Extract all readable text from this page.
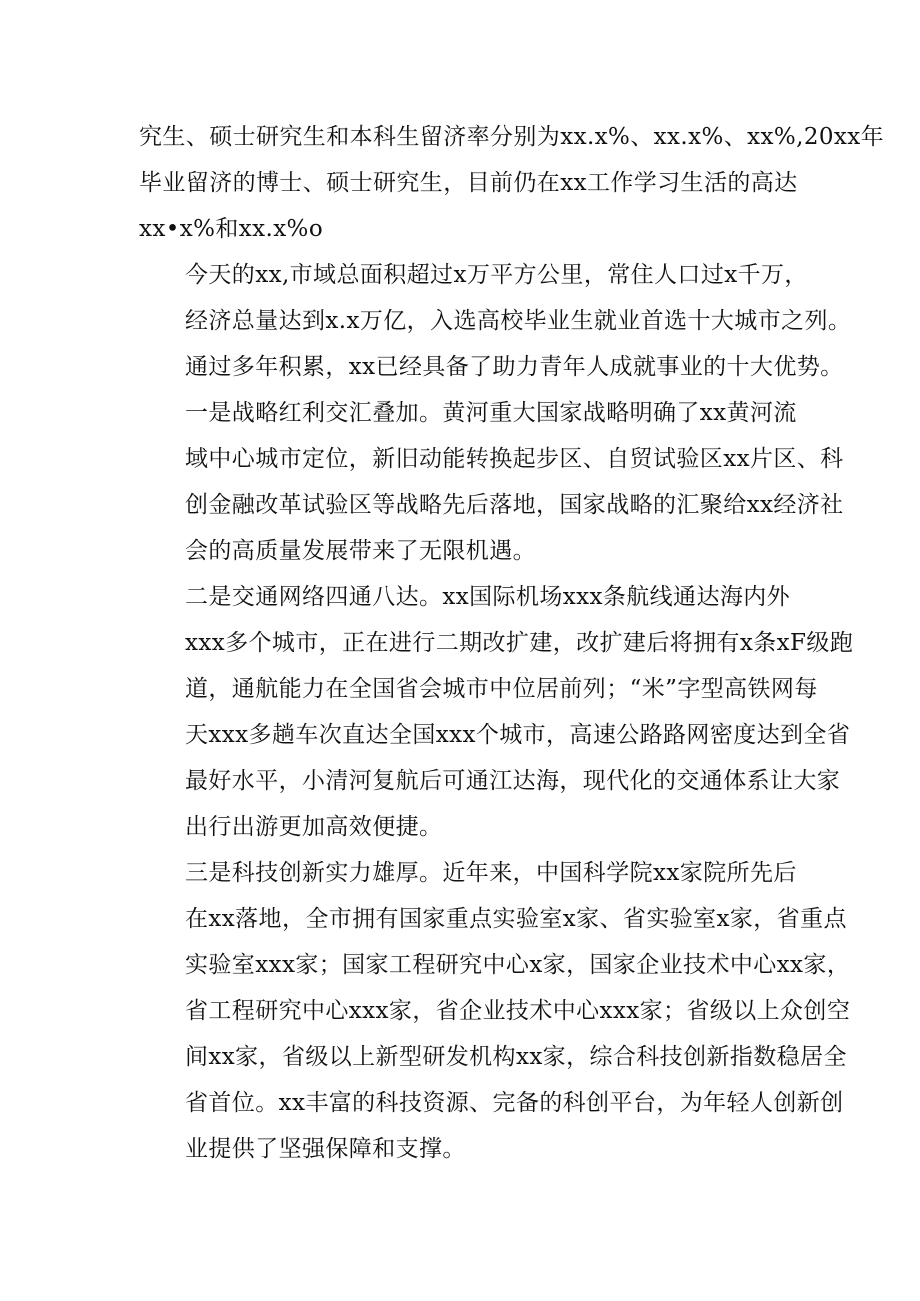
究生、硕士研究生和本科生留济率分别为xx.x%、xx.x%、xx%,20xx年
毕业留济的博士、硕士研究生，目前仍在xx工作学习生活的高达
xx•x%和xx.x%o

今天的xx,市域总面积超过x万平方公里，常住人口过x千万，
经济总量达到x.x万亿，入选高校毕业生就业首选十大城市之列。
通过多年积累，xx已经具备了助力青年人成就事业的十大优势。

一是战略红利交汇叠加。黄河重大国家战略明确了xx黄河流
域中心城市定位，新旧动能转换起步区、自贸试验区xx片区、科
创金融改革试验区等战略先后落地，国家战略的汇聚给xx经济社
会的高质量发展带来了无限机遇。

二是交通网络四通八达。xx国际机场xxx条航线通达海内外
xxx多个城市，正在进行二期改扩建，改扩建后将拥有x条xF级跑
道，通航能力在全国省会城市中位居前列；“米”字型高铁网每
天xxx多趟车次直达全国xxx个城市，高速公路路网密度达到全省
最好水平，小清河复航后可通江达海，现代化的交通体系让大家
出行出游更加高效便捷。

三是科技创新实力雄厚。近年来，中国科学院xx家院所先后
在xx落地，全市拥有国家重点实验室x家、省实验室x家，省重点
实验室xxx家；国家工程研究中心x家，国家企业技术中心xx家，
省工程研究中心xxx家，省企业技术中心xxx家；省级以上众创空
间xx家，省级以上新型研发机构xx家，综合科技创新指数稳居全
省首位。xx丰富的科技资源、完备的科创平台，为年轻人创新创
业提供了坚强保障和支撑。
